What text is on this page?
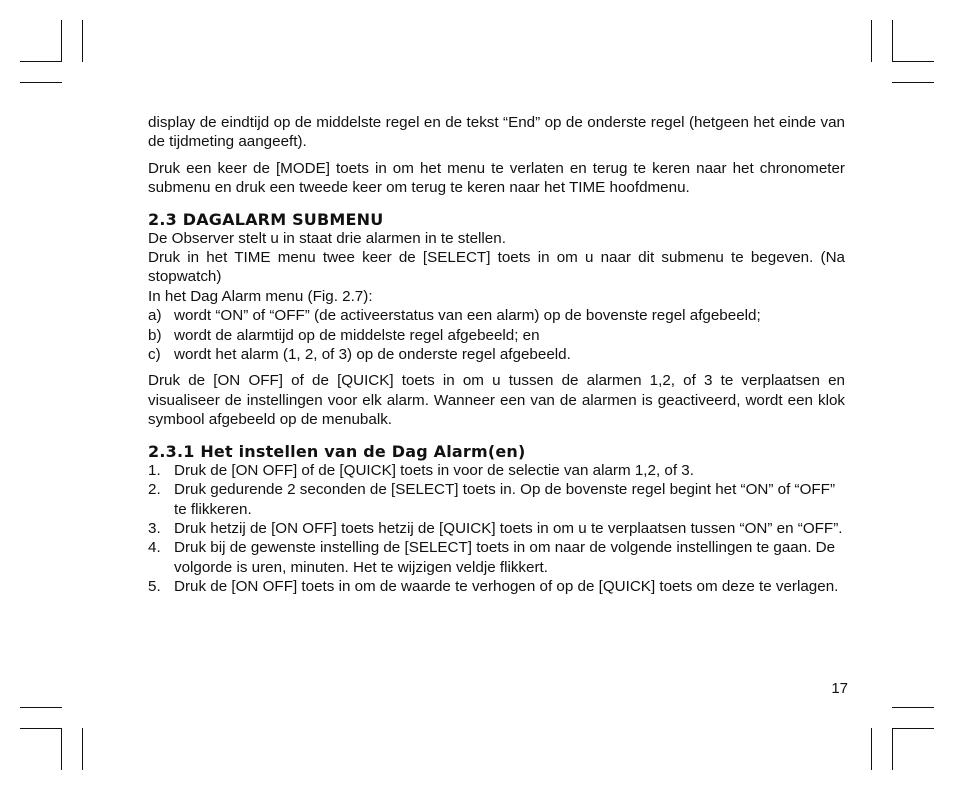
display de eindtijd op de middelste regel en de tekst “End” op de onderste regel (hetgeen het einde van de tijdmeting aangeeft).

Druk een keer de [MODE] toets in om het menu te verlaten en terug te keren naar het chronometer submenu en druk een tweede keer om terug te keren naar het TIME hoofdmenu.

2.3 DAGALARM SUBMENU

De Observer stelt u in staat drie alarmen in te stellen.

Druk in het TIME menu twee keer de [SELECT] toets in om u naar dit submenu te begeven. (Na stopwatch)

In het Dag Alarm menu (Fig. 2.7):

a) wordt “ON” of “OFF” (de activeerstatus van een alarm) op de bovenste regel afgebeeld;
b) wordt de alarmtijd op de middelste regel afgebeeld; en
c) wordt het alarm (1, 2, of 3) op de onderste regel afgebeeld.

Druk de [ON OFF] of de [QUICK] toets in om u tussen de alarmen 1,2, of 3 te verplaatsen en visualiseer de instellingen voor elk alarm. Wanneer een van de alarmen is geactiveerd, wordt een klok symbool afgebeeld op de menubalk.

2.3.1 Het instellen van de Dag Alarm(en)
1. Druk de [ON OFF] of de [QUICK] toets in voor de selectie van alarm 1,2, of 3.
2. Druk gedurende 2 seconden de [SELECT] toets in. Op de bovenste regel begint het “ON” of “OFF” te flikkeren.
3. Druk hetzij de [ON OFF] toets hetzij de [QUICK] toets in om u te verplaatsen tussen “ON” en “OFF”.
4. Druk bij de gewenste instelling de [SELECT] toets in om naar de volgende instellingen te gaan. De volgorde is uren, minuten. Het te wijzigen veldje flikkert.
5. Druk de [ON OFF] toets in om de waarde te verhogen of op de [QUICK] toets om deze te verlagen.
17
